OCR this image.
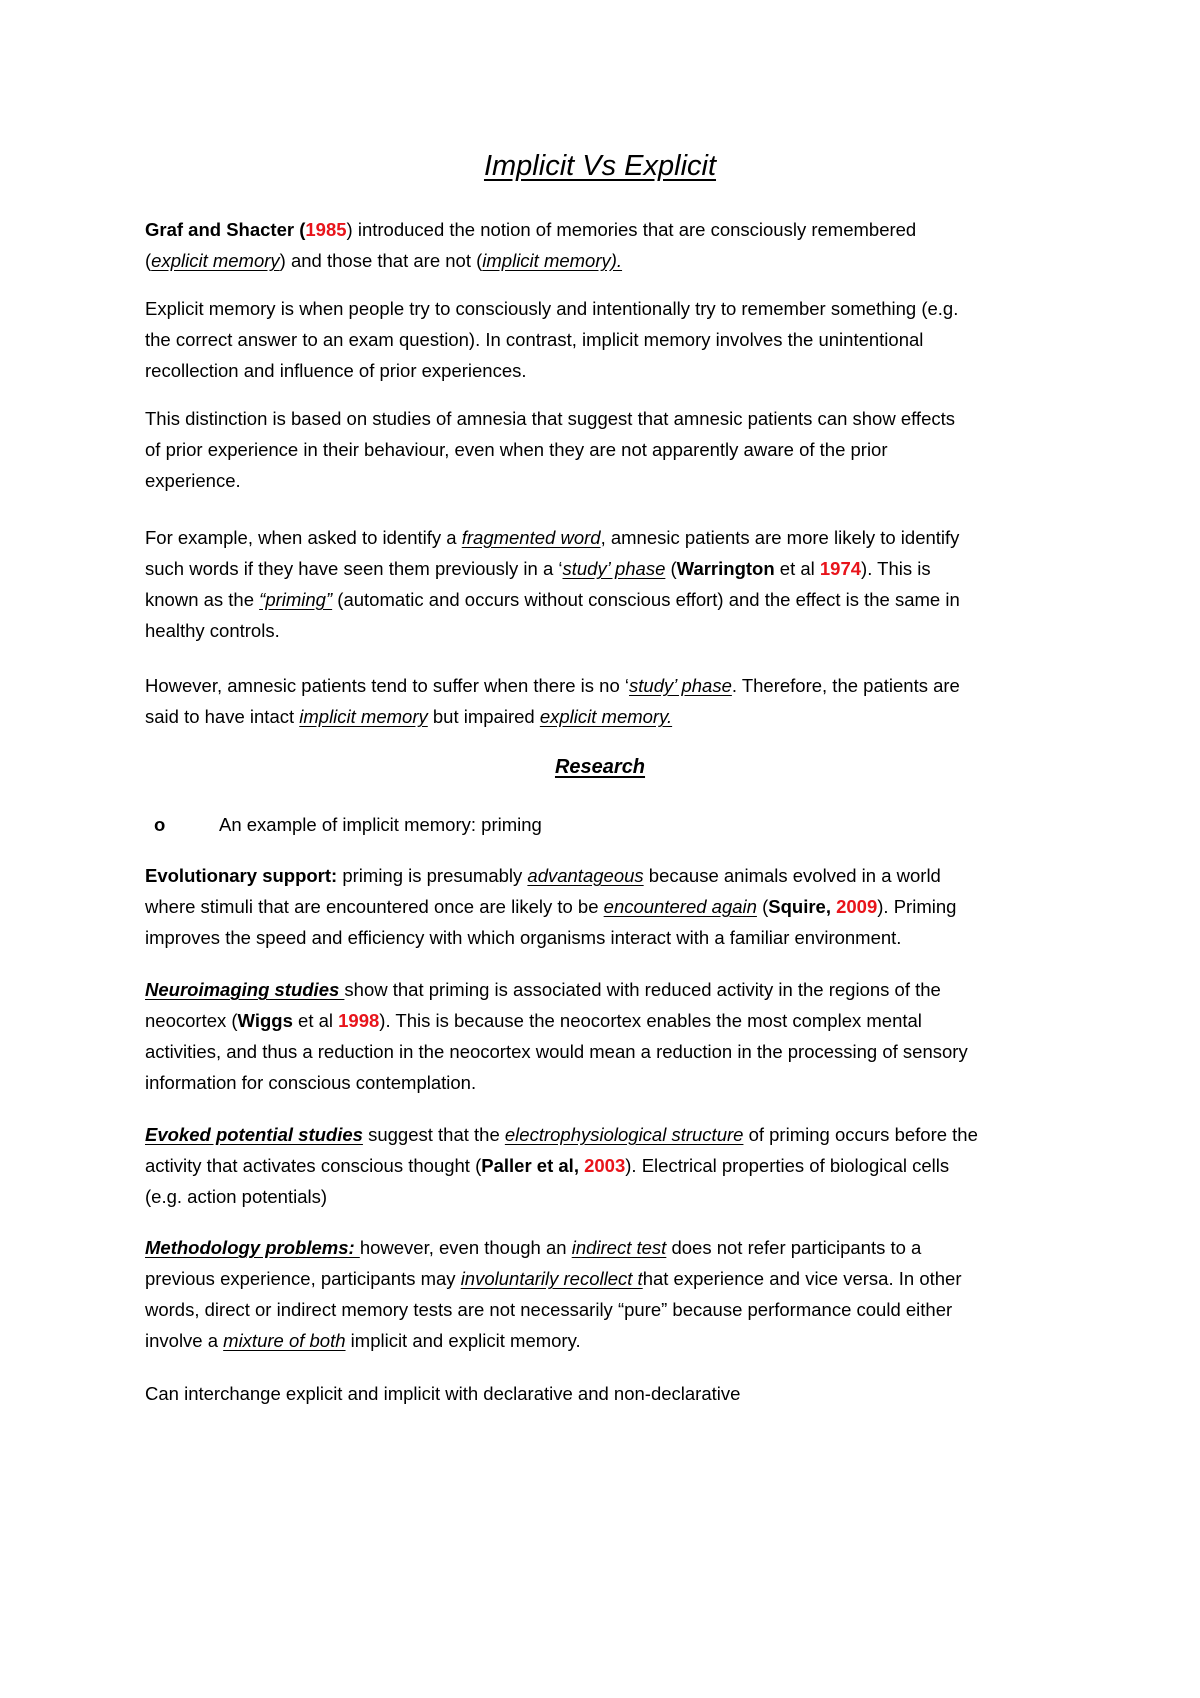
Implicit Vs Explicit
Graf and Shacter (1985) introduced the notion of memories that are consciously remembered
(explicit memory) and those that are not (implicit memory).
Explicit memory is when people try to consciously and intentionally try to remember something (e.g.
the correct answer to an exam question). In contrast, implicit memory involves the unintentional
recollection and influence of prior experiences.
This distinction is based on studies of amnesia that suggest that amnesic patients can show effects
of prior experience in their behaviour, even when they are not apparently aware of the prior
experience.
For example, when asked to identify a fragmented word, amnesic patients are more likely to identify
such words if they have seen them previously in a ‘study’ phase (Warrington et al 1974). This is
known as the “priming” (automatic and occurs without conscious effort) and the effect is the same in
healthy controls.
However, amnesic patients tend to suffer when there is no ‘study’ phase. Therefore, the patients are
said to have intact implicit memory but impaired explicit memory.
Research
o	An example of implicit memory: priming
Evolutionary support: priming is presumably advantageous because animals evolved in a world
where stimuli that are encountered once are likely to be encountered again (Squire, 2009). Priming
improves the speed and efficiency with which organisms interact with a familiar environment.
Neuroimaging studies show that priming is associated with reduced activity in the regions of the
neocortex (Wiggs et al 1998). This is because the neocortex enables the most complex mental
activities, and thus a reduction in the neocortex would mean a reduction in the processing of sensory
information for conscious contemplation.
Evoked potential studies suggest that the electrophysiological structure of priming occurs before the
activity that activates conscious thought (Paller et al, 2003). Electrical properties of biological cells
(e.g. action potentials)
Methodology problems: however, even though an indirect test does not refer participants to a
previous experience, participants may involuntarily recollect that experience and vice versa. In other
words, direct or indirect memory tests are not necessarily “pure” because performance could either
involve a mixture of both implicit and explicit memory.
Can interchange explicit and implicit with declarative and non-declarative
